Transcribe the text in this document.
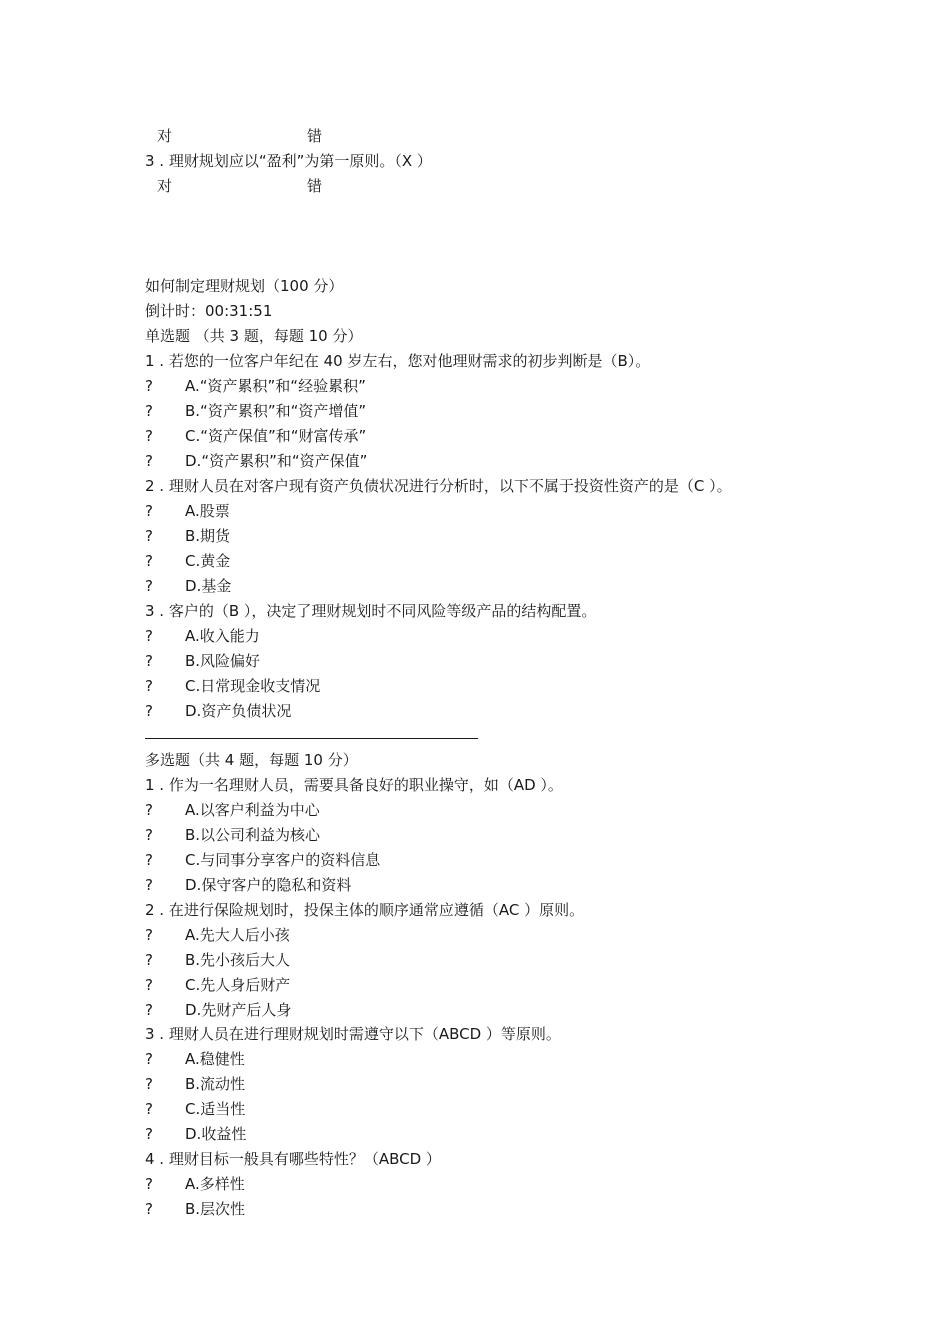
对	错
3 . 理财规划应以“盈利”为第一原则。（X ）
对	错
如何制定理财规划（100 分）
倒计时：00:31:51
单选题 （共 3 题，每题 10 分）
1 . 若您的一位客户年纪在 40 岁左右，您对他理财需求的初步判断是（B）。
? A.“资产累积”和“经验累积”
? B.“资产累积”和“资产增值”
? C.“资产保值”和“财富传承”
? D.“资产累积”和“资产保值”
2 . 理财人员在对客户现有资产负债状况进行分析时，以下不属于投资性资产的是（C ）。
? A.股票
? B.期货
? C.黄金
? D.基金
3 . 客户的（B ），决定了理财规划时不同风险等级产品的结构配置。
? A.收入能力
? B.风险偏好
? C.日常现金收支情况
? D.资产负债状况
多选题（共 4 题，每题 10 分）
1 . 作为一名理财人员，需要具备良好的职业操守，如（AD ）。
? A.以客户利益为中心
? B.以公司利益为核心
? C.与同事分享客户的资料信息
? D.保守客户的隐私和资料
2 . 在进行保险规划时，投保主体的顺序通常应遵循（AC ）原则。
? A.先大人后小孩
? B.先小孩后大人
? C.先人身后财产
? D.先财产后人身
3 . 理财人员在进行理财规划时需遵守以下（ABCD ）等原则。
? A.稳健性
? B.流动性
? C.适当性
? D.收益性
4 . 理财目标一般具有哪些特性？（ABCD ）
? A.多样性
? B.层次性
